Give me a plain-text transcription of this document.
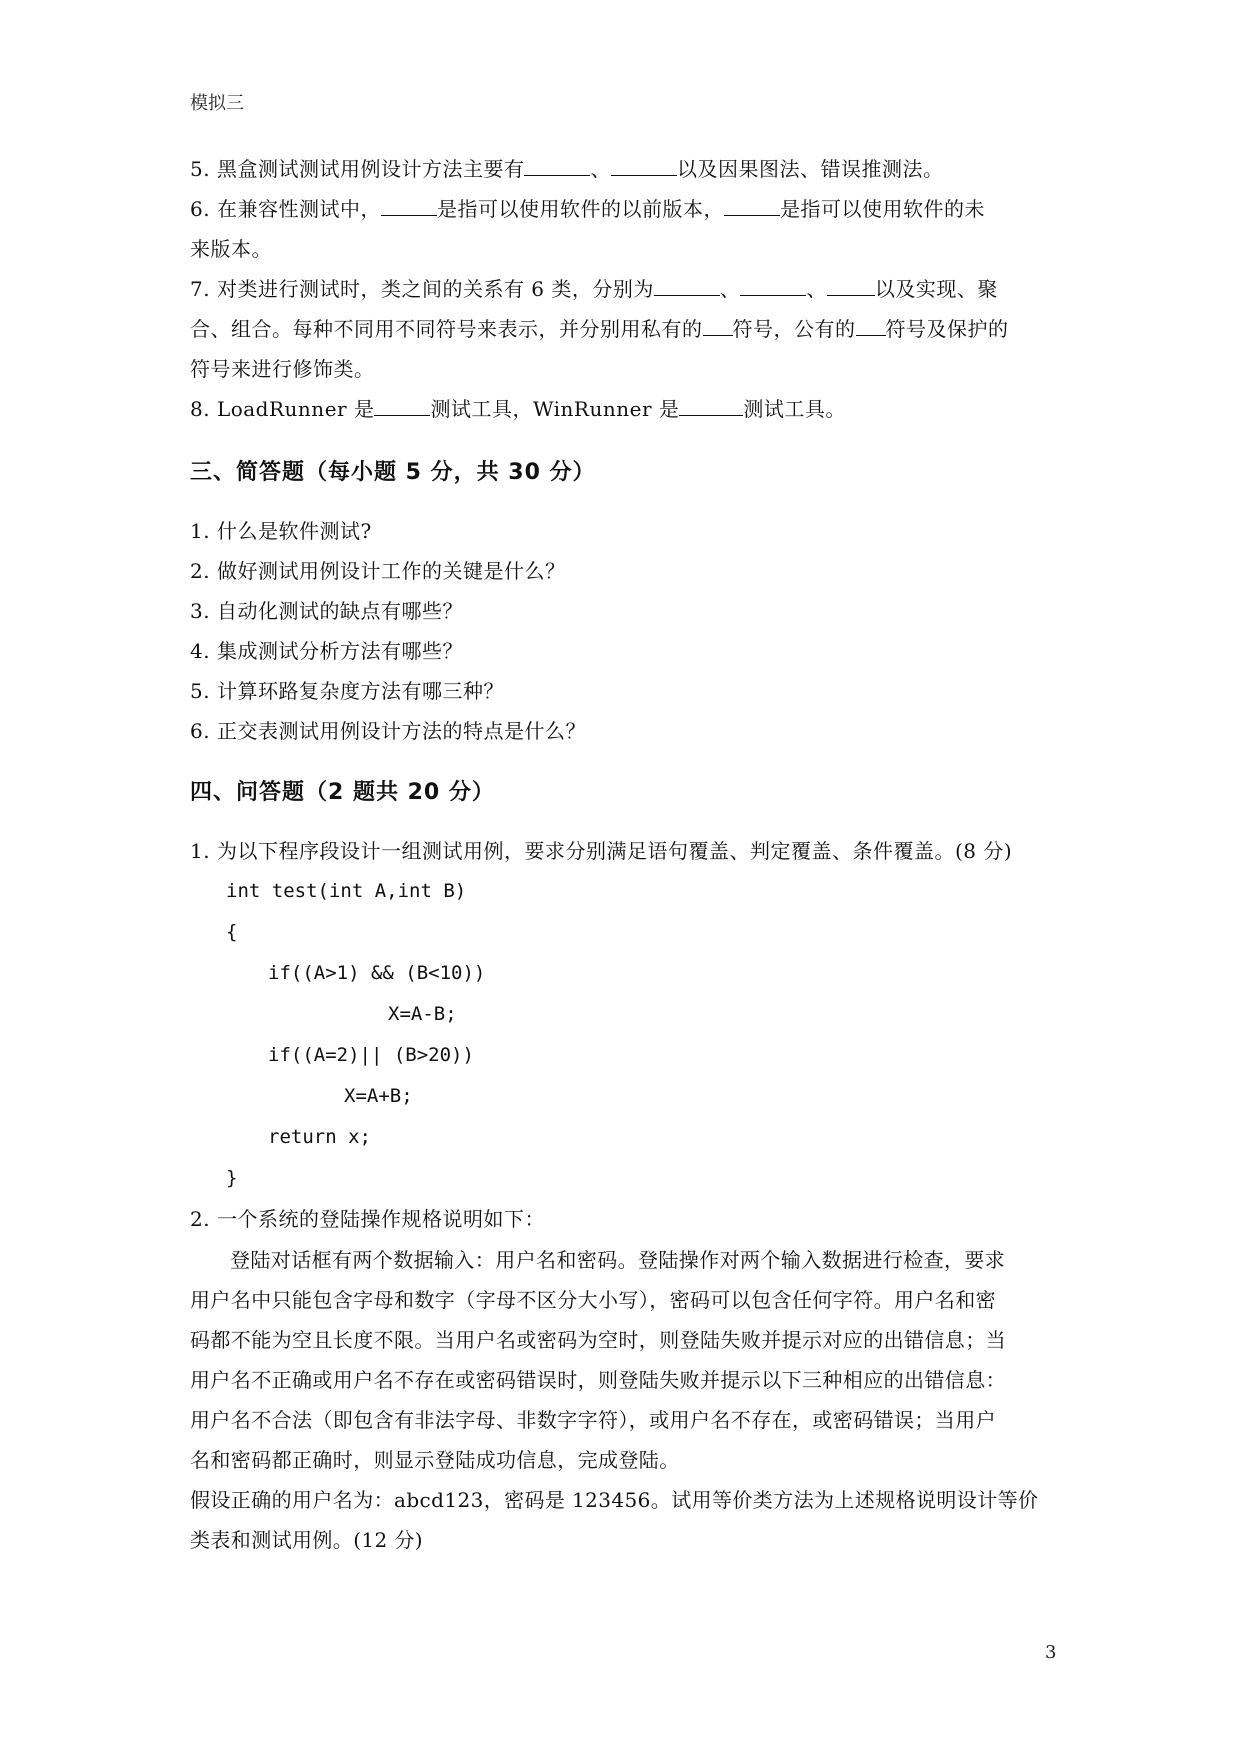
模拟三
5. 黑盒测试测试用例设计方法主要有	、	以及因果图法、错误推测法。
6. 在兼容性测试中，	是指可以使用软件的以前版本，	是指可以使用软件的未
来版本。
7. 对类进行测试时，类之间的关系有 6 类，分别为	、	、 以及实现、聚
合、组合。每种不同用不同符号来表示，并分别用私有的 符号，公有的 符号及保护的
符号来进行修饰类。
8. LoadRunner 是	测试工具，WinRunner 是	测试工具。
三、简答题（每小题 5 分，共 30 分）
1. 什么是软件测试?
2. 做好测试用例设计工作的关键是什么？
3. 自动化测试的缺点有哪些？
4. 集成测试分析方法有哪些？
5. 计算环路复杂度方法有哪三种？
6. 正交表测试用例设计方法的特点是什么？
四、问答题（2 题共 20 分）
1. 为以下程序段设计一组测试用例，要求分别满足语句覆盖、判定覆盖、条件覆盖。(8 分)
int test(int A,int B)
{
if((A>1) && (B<10))
X=A-B;
if((A=2)|| (B>20))
X=A+B;
return x;
}
2. 一个系统的登陆操作规格说明如下：
登陆对话框有两个数据输入：用户名和密码。登陆操作对两个输入数据进行检查，要求
用户名中只能包含字母和数字（字母不区分大小写），密码可以包含任何字符。用户名和密
码都不能为空且长度不限。当用户名或密码为空时，则登陆失败并提示对应的出错信息；当
用户名不正确或用户名不存在或密码错误时，则登陆失败并提示以下三种相应的出错信息：
用户名不合法（即包含有非法字母、非数字字符），或用户名不存在，或密码错误；当用户
名和密码都正确时，则显示登陆成功信息，完成登陆。
假设正确的用户名为：abcd123，密码是 123456。试用等价类方法为上述规格说明设计等价
类表和测试用例。(12 分)
3
